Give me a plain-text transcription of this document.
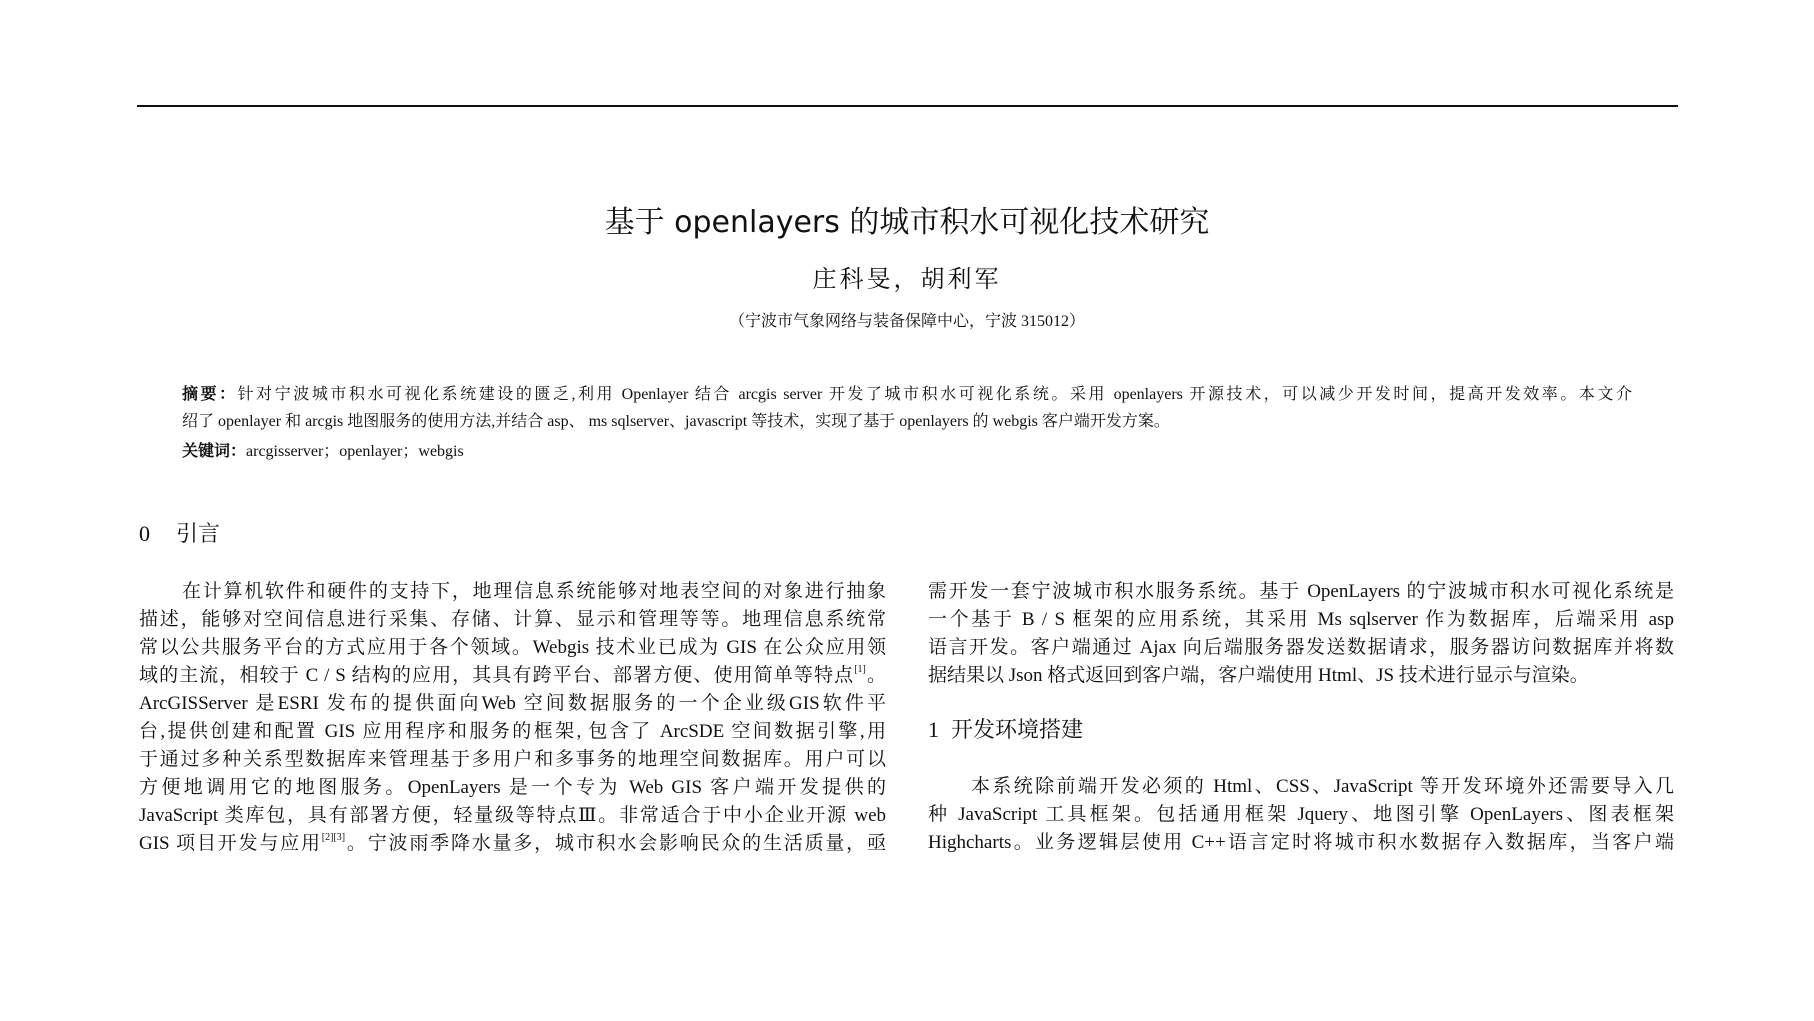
基于 openlayers 的城市积水可视化技术研究
庄科旻，胡利军
（宁波市气象网络与装备保障中心，宁波 315012）
摘要：针对宁波城市积水可视化系统建设的匮乏,利用 Openlayer 结合 arcgis server 开发了城市积水可视化系统。采用 openlayers 开源技术，可以减少开发时间，提高开发效率。本文介
绍了 openlayer 和 arcgis 地图服务的使用方法,并结合 asp、 ms sqlserver、javascript 等技术，实现了基于 openlayers 的 webgis 客户端开发方案。
关键词：arcgisserver；openlayer；webgis
0 引言
在计算机软件和硬件的支持下，地理信息系统能够对地表空间的对象进行抽象
描述，能够对空间信息进行采集、存储、计算、显示和管理等等。地理信息系统常
常以公共服务平台的方式应用于各个领域。Webgis 技术业已成为 GIS 在公众应用领
域的主流，相较于 C / S 结构的应用，其具有跨平台、部署方便、使用简单等特点[1]。
ArcGISServer 是ESRI 发布的提供面向Web 空间数据服务的一个企业级GIS软件平
台,提供创建和配置 GIS 应用程序和服务的框架, 包含了 ArcSDE 空间数据引擎,用
于通过多种关系型数据库来管理基于多用户和多事务的地理空间数据库。用户可以
方便地调用它的地图服务。OpenLayers 是一个专为 Web GIS 客户端开发提供的
JavaScript 类库包，具有部署方便，轻量级等特点Ⅲ。非常适合于中小企业开源 web
GIS 项目开发与应用[2][3]。宁波雨季降水量多，城市积水会影响民众的生活质量，亟
需开发一套宁波城市积水服务系统。基于 OpenLayers 的宁波城市积水可视化系统是
一个基于 B / S 框架的应用系统，其采用 Ms sqlserver 作为数据库，后端采用 asp
语言开发。客户端通过 Ajax 向后端服务器发送数据请求，服务器访问数据库并将数
据结果以 Json 格式返回到客户端，客户端使用 Html、JS 技术进行显示与渲染。
1 开发环境搭建
本系统除前端开发必须的 Html、CSS、JavaScript 等开发环境外还需要导入几
种 JavaScript 工具框架。包括通用框架 Jquery、地图引擎 OpenLayers、图表框架
Highcharts。业务逻辑层使用 C++语言定时将城市积水数据存入数据库，当客户端
